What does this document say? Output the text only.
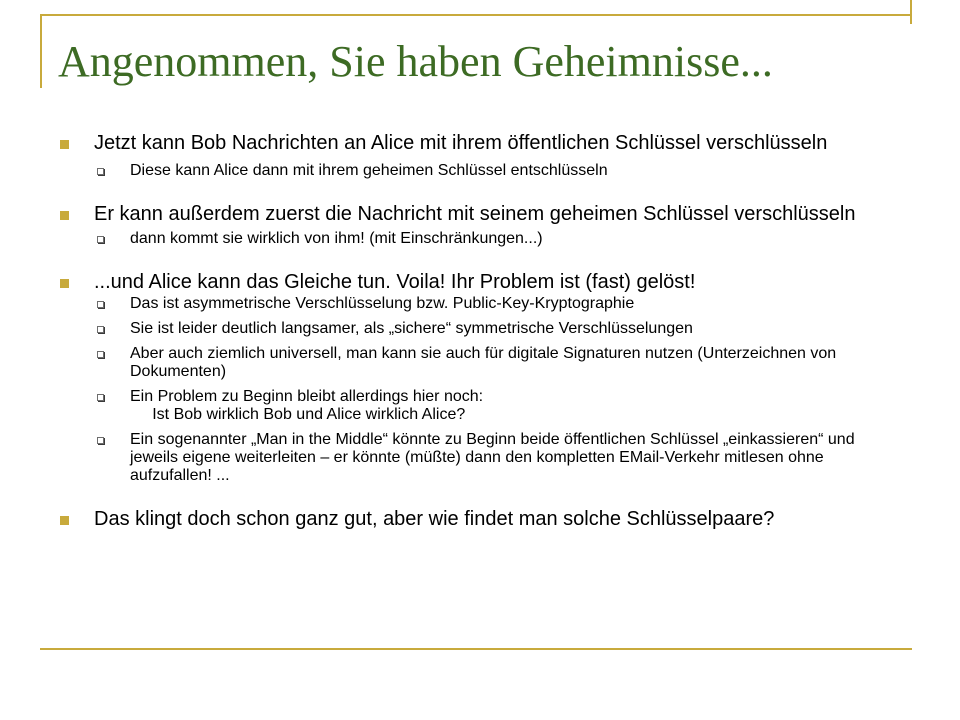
Angenommen, Sie haben Geheimnisse...
Jetzt kann Bob Nachrichten an Alice mit ihrem öffentlichen Schlüssel verschlüsseln
Diese kann Alice dann mit ihrem geheimen Schlüssel entschlüsseln
Er kann außerdem zuerst die Nachricht mit seinem geheimen Schlüssel verschlüsseln
dann kommt sie wirklich von ihm! (mit Einschränkungen...)
...und Alice kann das Gleiche tun. Voila! Ihr Problem ist (fast) gelöst!
Das ist asymmetrische Verschlüsselung bzw. Public-Key-Kryptographie
Sie ist leider deutlich langsamer, als „sichere“ symmetrische Verschlüsselungen
Aber auch ziemlich universell, man kann sie auch für digitale Signaturen nutzen (Unterzeichnen von Dokumenten)
Ein Problem zu Beginn bleibt allerdings hier noch:
Ist Bob wirklich Bob und Alice wirklich Alice?
Ein sogenannter „Man in the Middle“ könnte zu Beginn beide öffentlichen Schlüssel „einkassieren“ und jeweils eigene weiterleiten – er könnte (müßte) dann den kompletten EMail-Verkehr mitlesen ohne aufzufallen! ...
Das klingt doch schon ganz gut, aber wie findet man solche Schlüsselpaare?
